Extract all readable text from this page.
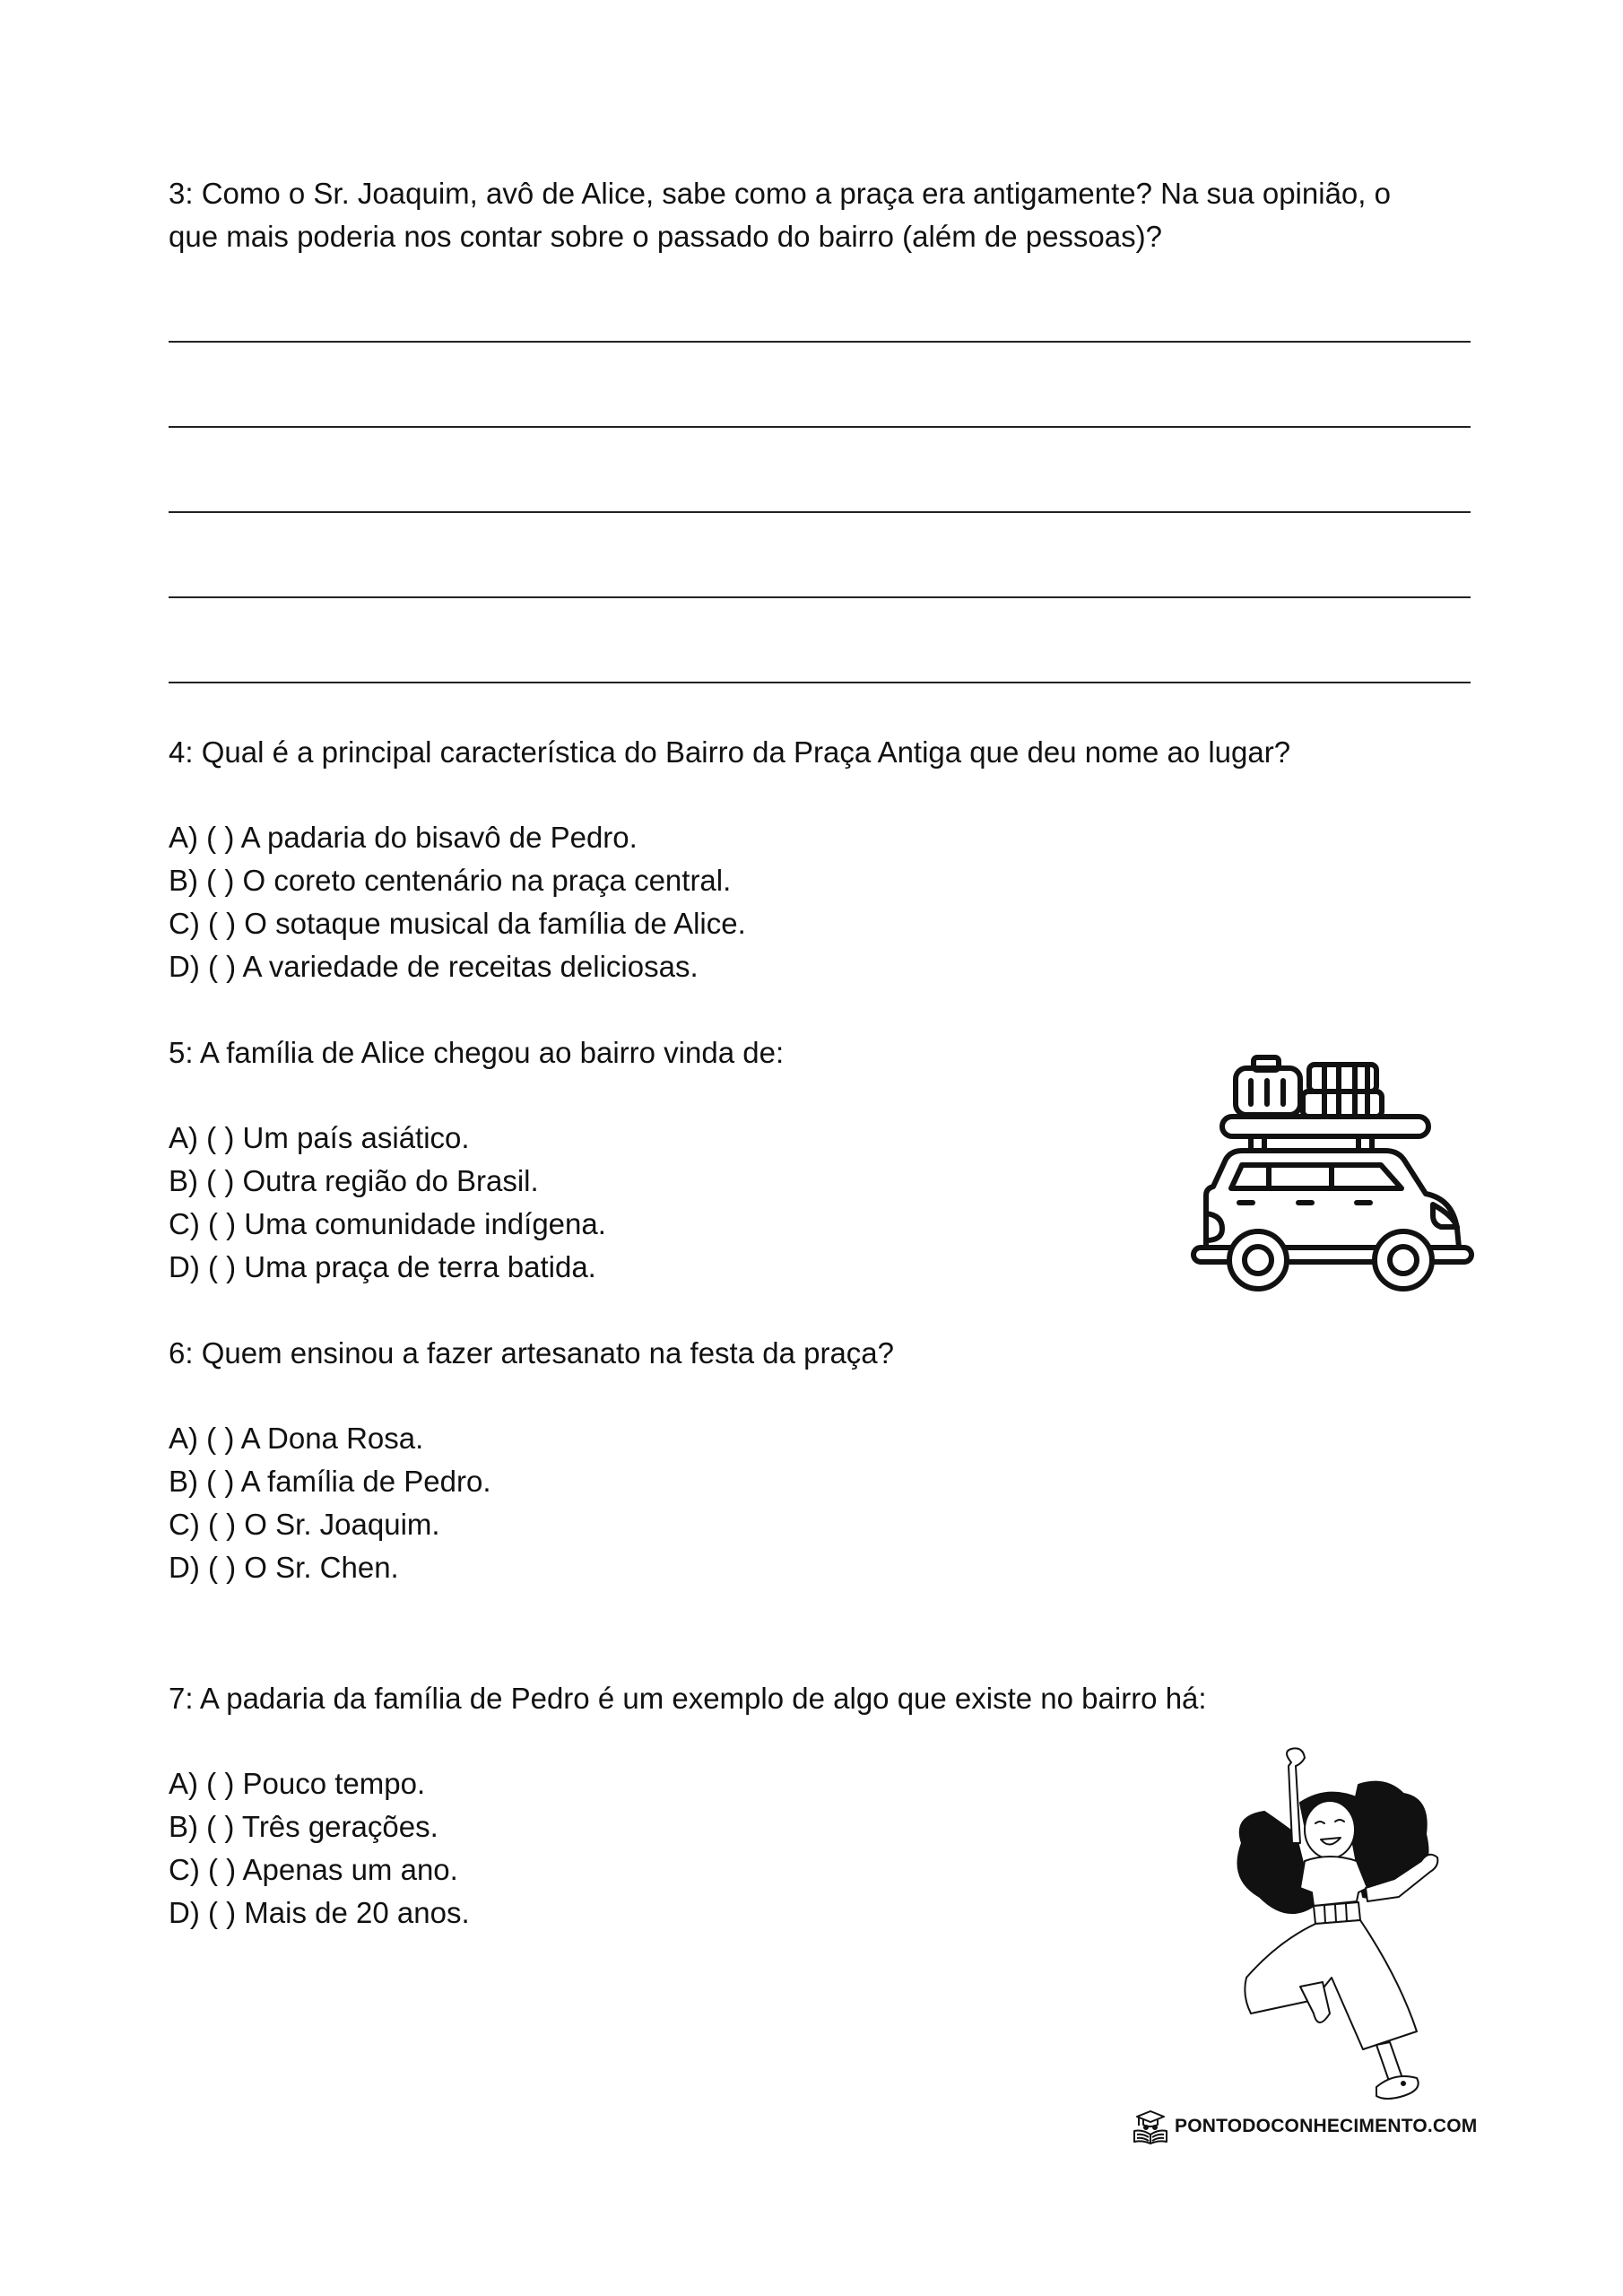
3: Como o Sr. Joaquim, avô de Alice, sabe como a praça era antigamente? Na sua opinião, o
que mais poderia nos contar sobre o passado do bairro (além de pessoas)?
4: Qual é a principal característica do Bairro da Praça Antiga que deu nome ao lugar?
A) ( ) A padaria do bisavô de Pedro.
B) ( ) O coreto centenário na praça central.
C) ( ) O sotaque musical da família de Alice.
D) ( ) A variedade de receitas deliciosas.
5: A família de Alice chegou ao bairro vinda de:
A) ( ) Um país asiático.
B) ( ) Outra região do Brasil.
C) ( ) Uma comunidade indígena.
D) ( ) Uma praça de terra batida.
6: Quem ensinou a fazer artesanato na festa da praça?
A) ( ) A Dona Rosa.
B) ( ) A família de Pedro.
C) ( ) O Sr. Joaquim.
D) ( ) O Sr. Chen.
7: A padaria da família de Pedro é um exemplo de algo que existe no bairro há:
A) ( ) Pouco tempo.
B) ( ) Três gerações.
C) ( ) Apenas um ano.
D) ( ) Mais de 20 anos.
PONTODOCONHECIMENTO.COM
